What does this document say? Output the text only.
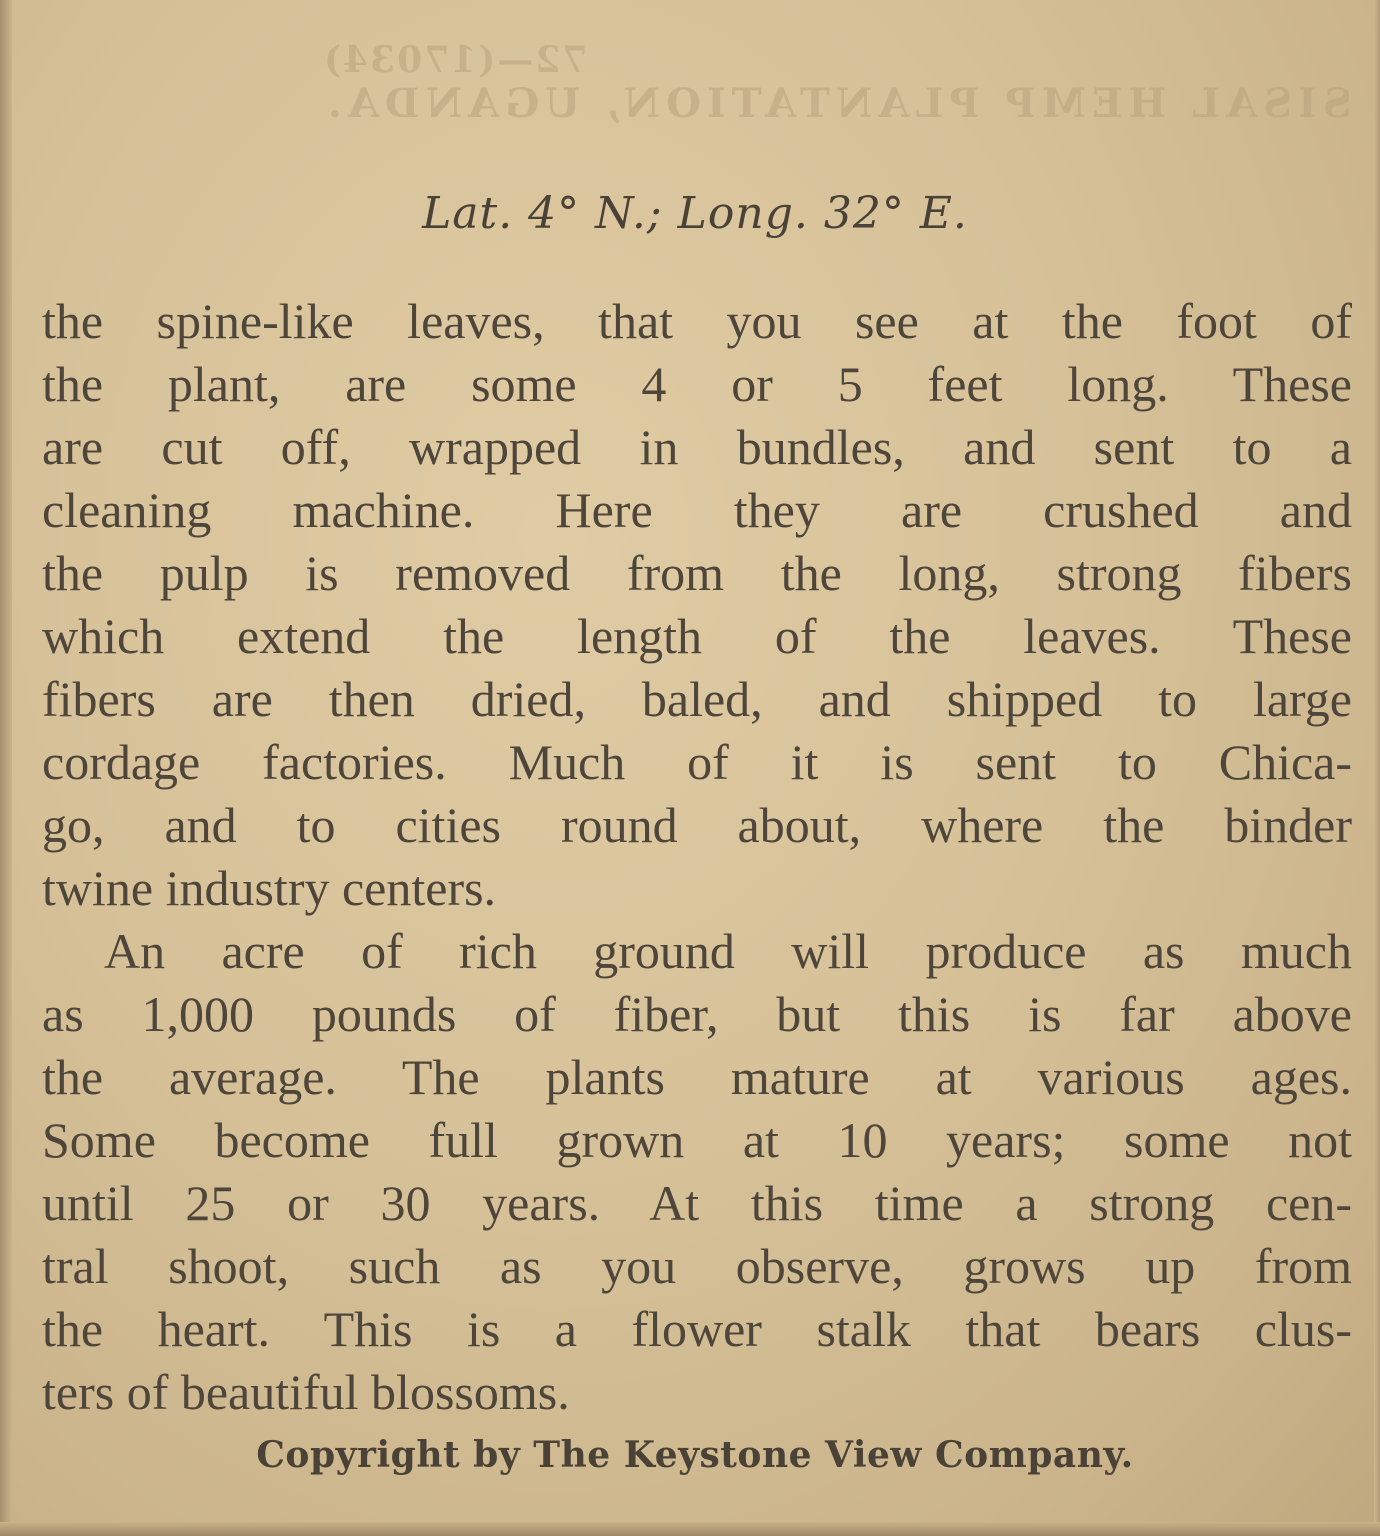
72—(17034)
SISAL HEMP PLANTATION, UGANDA.
Lat. 4° N.; Long. 32° E.
the spine-like leaves, that you see at the foot of
the plant, are some 4 or 5 feet long. These
are cut off, wrapped in bundles, and sent to a
cleaning machine. Here they are crushed and
the pulp is removed from the long, strong fibers
which extend the length of the leaves. These
fibers are then dried, baled, and shipped to large
cordage factories. Much of it is sent to Chica-
go, and to cities round about, where the binder
twine industry centers.
An acre of rich ground will produce as much
as 1,000 pounds of fiber, but this is far above
the average. The plants mature at various ages.
Some become full grown at 10 years; some not
until 25 or 30 years. At this time a strong cen-
tral shoot, such as you observe, grows up from
the heart. This is a flower stalk that bears clus-
ters of beautiful blossoms.
Copyright by The Keystone View Company.
